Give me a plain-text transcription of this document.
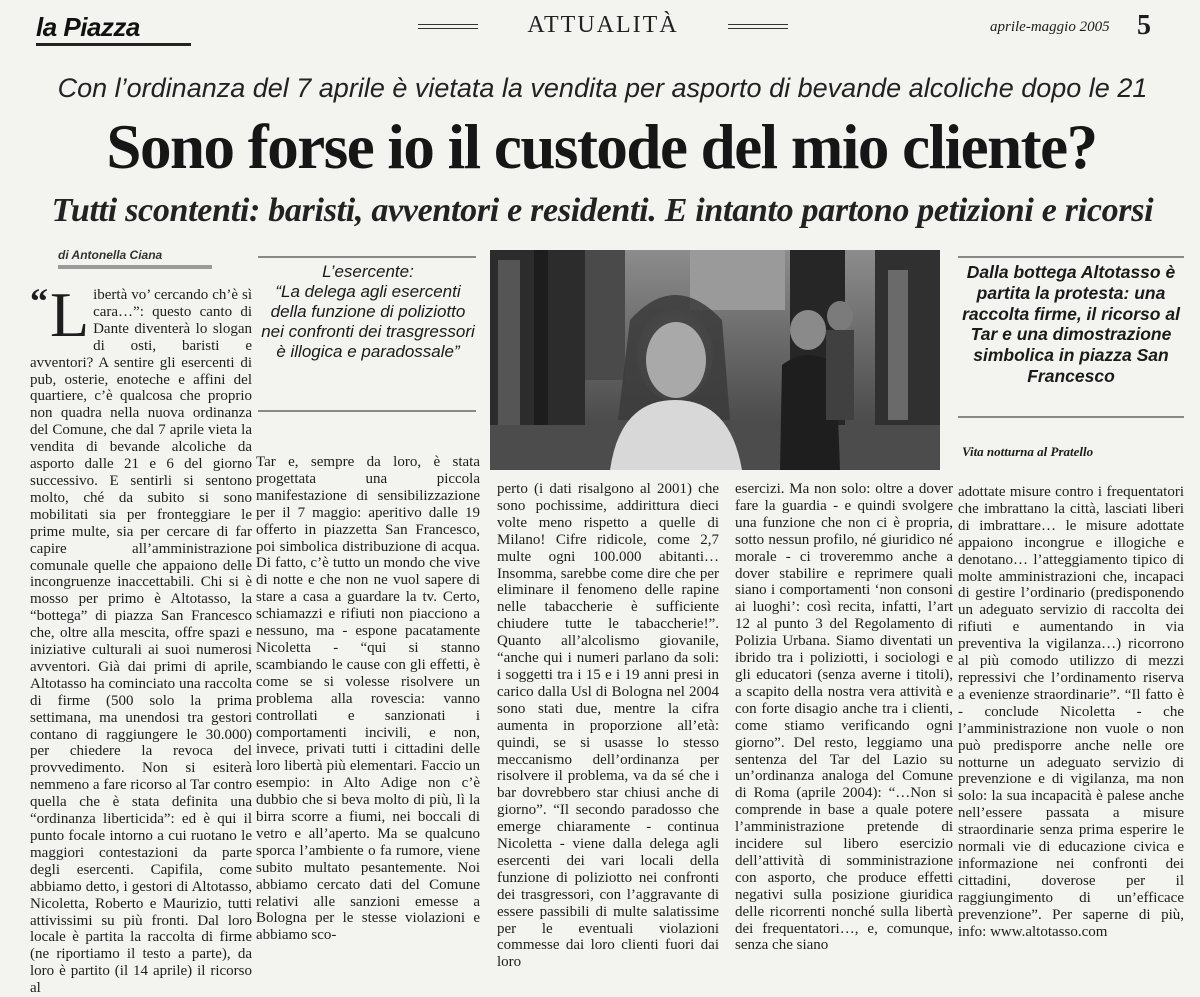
la Piazza	ATTUALITÀ	aprile-maggio 2005 5
Con l’ordinanza del 7 aprile è vietata la vendita per asporto di bevande alcoliche dopo le 21
Sono forse io il custode del mio cliente?
Tutti scontenti: baristi, avventori e residenti. E intanto partono petizioni e ricorsi
di Antonella Ciana
L’esercente:
“La delega agli esercenti della funzione di poliziotto nei confronti dei trasgressori è illogica e paradossale”
Dalla bottega Altotasso è partita la protesta: una raccolta firme, il ricorso al Tar e una dimostrazione simbolica in piazza San Francesco
Vita notturna al Pratello
“ L ibertà vo’ cercando ch’è sì cara…”: questo canto di Dante diventerà lo slogan di osti, baristi e avventori? A sentire gli esercenti di pub, osterie, enoteche e affini del quartiere, c’è qualcosa che proprio non quadra nella nuova ordinanza del Comune, che dal 7 aprile vieta la vendita di bevande alcoliche da asporto dalle 21 e 6 del giorno successivo. E sentirli si sentono molto, ché da subito si sono mobilitati sia per fronteggiare le prime multe, sia per cercare di far capire all’amministrazione comunale quelle che appaiono delle incongruenze inaccettabili. Chi si è mosso per primo è Altotasso, la “bottega” di piazza San Francesco che, oltre alla mescita, offre spazi e iniziative culturali ai suoi numerosi avventori. Già dai primi di aprile, Altotasso ha cominciato una raccolta di firme (500 solo la prima settimana, ma unendosi tra gestori contano di raggiungere le 30.000) per chiedere la revoca del provvedimento. Non si esiterà nemmeno a fare ricorso al Tar contro quella che è stata definita una “ordinanza liberticida”: ed è qui il punto focale intorno a cui ruotano le maggiori contestazioni da parte degli esercenti. Capifila, come abbiamo detto, i gestori di Altotasso, Nicoletta, Roberto e Maurizio, tutti attivissimi su più fronti. Dal loro locale è partita la raccolta di firme (ne riportiamo il testo a parte), da loro è partito (il 14 aprile) il ricorso al

Tar e, sempre da loro, è stata progettata una piccola manifestazione di sensibilizzazione per il 7 maggio: aperitivo dalle 19 offerto in piazzetta San Francesco, poi simbolica distribuzione di acqua. Di fatto, c’è tutto un mondo che vive di notte e che non ne vuol sapere di stare a casa a guardare la tv. Certo, schiamazzi e rifiuti non piacciono a nessuno, ma - espone pacatamente Nicoletta - “qui si stanno scambiando le cause con gli effetti, è come se si volesse risolvere un problema alla rovescia: vanno controllati e sanzionati i comportamenti incivili, e non, invece, privati tutti i cittadini delle loro libertà più elementari. Faccio un esempio: in Alto Adige non c’è dubbio che si beva molto di più, lì la birra scorre a fiumi, nei boccali di vetro e all’aperto. Ma se qualcuno sporca l’ambiente o fa rumore, viene subito multato pesantemente. Noi abbiamo cercato dati del Comune relativi alle sanzioni emesse a Bologna per le stesse violazioni e abbiamo sco-

perto (i dati risalgono al 2001) che sono pochissime, addirittura dieci volte meno rispetto a quelle di Milano! Cifre ridicole, come 2,7 multe ogni 100.000 abitanti… Insomma, sarebbe come dire che per eliminare il fenomeno delle rapine nelle tabaccherie è sufficiente chiudere tutte le tabaccherie!”. Quanto all’alcolismo giovanile, “anche qui i numeri parlano da soli: i soggetti tra i 15 e i 19 anni presi in carico dalla Usl di Bologna nel 2004 sono stati due, mentre la cifra aumenta in proporzione all’età: quindi, se si usasse lo stesso meccanismo dell’ordinanza per risolvere il problema, va da sé che i bar dovrebbero star chiusi anche di giorno”. “Il secondo paradosso che emerge chiaramente - continua Nicoletta - viene dalla delega agli esercenti dei vari locali della funzione di poliziotto nei confronti dei trasgressori, con l’aggravante di essere passibili di multe salatissime per le eventuali violazioni commesse dai loro clienti fuori dai loro

esercizi. Ma non solo: oltre a dover fare la guardia - e quindi svolgere una funzione che non ci è propria, sotto nessun profilo, né giuridico né morale - ci troveremmo anche a dover stabilire e reprimere quali siano i comportamenti ‘non consoni ai luoghi’: così recita, infatti, l’art 12 al punto 3 del Regolamento di Polizia Urbana. Siamo diventati un ibrido tra i poliziotti, i sociologi e gli educatori (senza averne i titoli), a scapito della nostra vera attività e con forte disagio anche tra i clienti, come stiamo verificando ogni giorno”. Del resto, leggiamo una sentenza del Tar del Lazio su un’ordinanza analoga del Comune di Roma (aprile 2004): “…Non si comprende in base a quale potere l’amministrazione pretende di incidere sul libero esercizio dell’attività di somministrazione con asporto, che produce effetti negativi sulla posizione giuridica delle ricorrenti nonché sulla libertà dei frequentatori…, e, comunque, senza che siano

adottate misure contro i frequentatori che imbrattano la città, lasciati liberi di imbrattare… le misure adottate appaiono incongrue e illogiche e denotano… l’atteggiamento tipico di molte amministrazioni che, incapaci di gestire l’ordinario (predisponendo un adeguato servizio di raccolta dei rifiuti e aumentando in via preventiva la vigilanza…) ricorrono al più comodo utilizzo di mezzi repressivi che l’ordinamento riserva a evenienze straordinarie”. “Il fatto è - conclude Nicoletta - che l’amministrazione non vuole o non può predisporre anche nelle ore notturne un adeguato servizio di prevenzione e di vigilanza, ma non solo: la sua incapacità è palese anche nell’essere passata a misure straordinarie senza prima esperire le normali vie di educazione civica e informazione nei confronti dei cittadini, doverose per il raggiungimento di un’efficace prevenzione”. Per saperne di più, info: www.altotasso.com
